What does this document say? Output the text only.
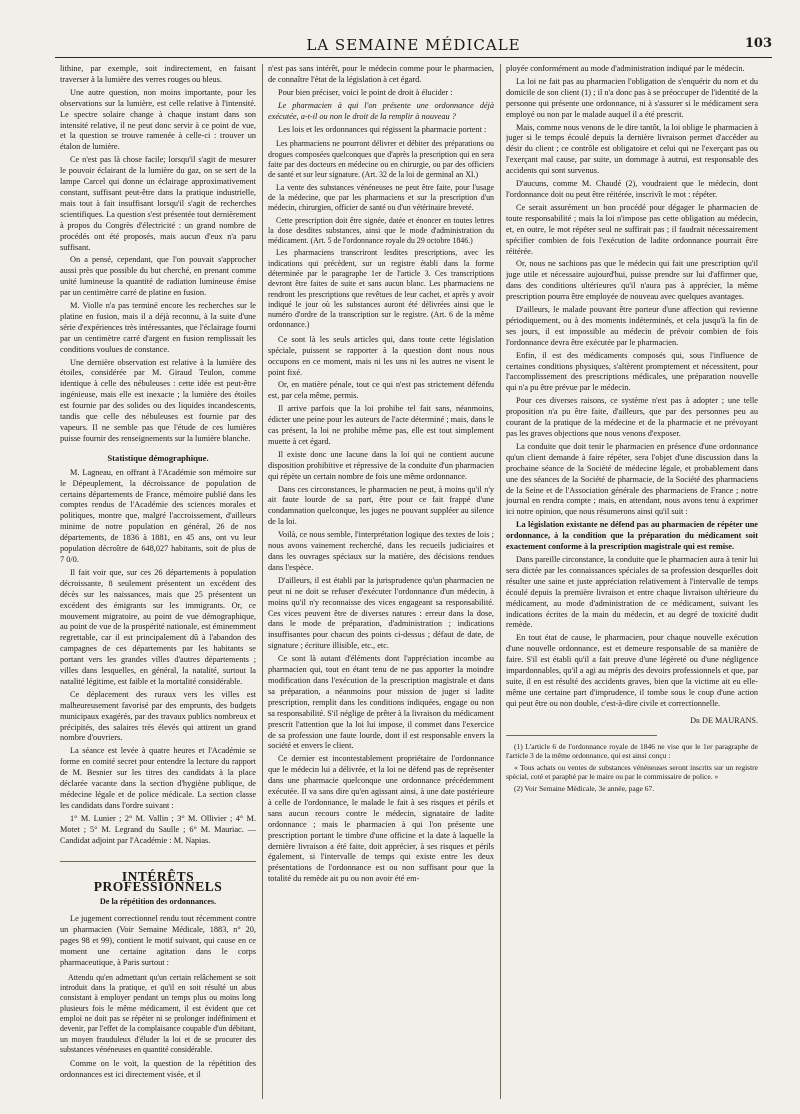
LA SEMAINE MÉDICALE	103

lithine, par exemple, soit indirectement, en faisant traverser à la lumière des verres rouges ou bleus.

Une autre question, non moins importante, pour les observations sur la lumière, est celle relative à l'intensité. Le spectre solaire change à chaque instant dans son intensité relative, il ne peut donc servir à ce point de vue, et la question se trouve ramenée à celle-ci : trouver un étalon de lumière.

Ce n'est pas là chose facile; lorsqu'il s'agit de mesurer le pouvoir éclairant de la lumière du gaz, on se sert de la lampe Carcel qui donne un éclairage approximativement constant, suffisant peut-être dans la pratique industrielle, mais tout à fait insuffisant lorsqu'il s'agit de recherches scientifiques. La question s'est présentée tout dernièrement à propos du Congrès d'électricité : un grand nombre de procédés ont été proposés, mais aucun d'eux n'a paru suffisant.

On a pensé, cependant, que l'on pouvait s'approcher aussi près que possible du but cherché, en prenant comme unité lumineuse la quantité de radiation lumineuse émise par un centimètre carré de platine en fusion.

M. Violle n'a pas terminé encore les recherches sur le platine en fusion, mais il a déjà reconnu, à la suite d'une série d'expériences très intéressantes, que l'éclairage fourni par un centimètre carré d'argent en fusion remplissait les conditions voulues de constance.

Une dernière observation est relative à la lumière des étoiles, considérée par M. Giraud Teulon, comme identique à celle des nébuleuses : cette idée est peut-être ingénieuse, mais elle est inexacte ; la lumière des étoiles est fournie par des solides ou des liquides incandescents, tandis que celle des nébuleuses est fournie par des vapeurs. Il ne semble pas que l'étude de ces lumières puisse fournir des renseignements sur la lumière blanche.

Statistique démographique.

M. Lagneau, en offrant à l'Académie son mémoire sur le Dépeuplement, la décroissance de population de certains départements de France, mémoire publié dans les comptes rendus de l'Académie des sciences morales et politiques, montre que, malgré l'accroissement, d'ailleurs minime de notre population en général, 26 de nos départements, de 1836 à 1881, en 45 ans, ont vu leur population décroître de 648,027 habitants, soit de plus de 7 0/0.

Il fait voir que, sur ces 26 départements à population décroissante, 8 seulement présentent un excédent des décès sur les naissances, mais que 25 présentent un excédent des émigrants sur les immigrants. Or, ce mouvement migratoire, au point de vue démographique, au point de vue de la prospérité nationale, est éminemment regrettable, car il est principalement dû à l'abandon des campagnes de ces départements par les habitants se portant vers les grandes villes d'autres départements ; villes dans lesquelles, en général, la natalité, surtout la natalité légitime, est faible et la mortalité considérable.

Ce déplacement des ruraux vers les villes est malheureusement favorisé par des emprunts, des budgets municipaux exagérés, par des travaux publics nombreux et précipités, des salaires très élevés qui attirent un grand nombre d'ouvriers.

La séance est levée à quatre heures et l'Académie se forme en comité secret pour entendre la lecture du rapport de M. Besnier sur les titres des candidats à la place déclarée vacante dans la section d'hygiène publique, de médecine légale et de police médicale. La section classe les candidats dans l'ordre suivant :

1° M. Lunier ; 2° M. Vallin ; 3° M. Ollivier ; 4° M. Motet ; 5° M. Legrand du Saulle ; 6° M. Mauriac. — Candidat adjoint par l'Académie : M. Napias.

INTÉRÊTS PROFESSIONNELS
De la répétition des ordonnances.

Le jugement correctionnel rendu tout récemment contre un pharmacien (Voir Semaine Médicale, 1883, n° 20, pages 98 et 99), contient le motif suivant, qui cause en ce moment une certaine agitation dans le corps pharmaceutique, à Paris surtout :

Attendu qu'en admettant qu'un certain relâchement se soit introduit dans la pratique, et qu'il en soit résulté un abus consistant à employer pendant un temps plus ou moins long plusieurs fois le même médicament, il est évident que cet emploi ne doit pas se répéter ni se prolonger indéfiniment et devenir, par l'effet de la complaisance coupable d'un débitant, un moyen frauduleux d'éluder la loi et de se procurer des substances vénéneuses en quantité considérable.

Comme on le voit, la question de la répétition des ordonnances est ici directement visée, et il

n'est pas sans intérêt, pour le médecin comme pour le pharmacien, de connaître l'état de la législation à cet égard.

Pour bien préciser, voici le point de droit à élucider :

Le pharmacien à qui l'on présente une ordonnance déjà exécutée, a-t-il ou non le droit de la remplir à nouveau ?

Les lois et les ordonnances qui régissent la pharmacie portent :

Les pharmaciens ne pourront délivrer et débiter des préparations ou drogues composées quelconques que d'après la prescription qui en sera faite par des docteurs en médecine ou en chirurgie, ou par des officiers de santé et sur leur signature. (Art. 32 de la loi de germinal an XI.)

La vente des substances vénéneuses ne peut être faite, pour l'usage de la médecine, que par les pharmaciens et sur la prescription d'un médecin, chirurgien, officier de santé ou d'un vétérinaire breveté.

Cette prescription doit être signée, datée et énoncer en toutes lettres la dose desdites substances, ainsi que le mode d'administration du médicament. (Art. 5 de l'ordonnance royale du 29 octobre 1846.)

Les pharmaciens transcriront lesdites prescriptions, avec les indications qui précèdent, sur un registre établi dans la forme déterminée par le paragraphe 1er de l'article 3. Ces transcriptions devront être faites de suite et sans aucun blanc. Les pharmaciens ne rendront les prescriptions que revêtues de leur cachet, et après y avoir indiqué le jour où les substances auront été délivrées ainsi que le numéro d'ordre de la transcription sur le registre. (Art. 6 de la même ordonnance.)

Ce sont là les seuls articles qui, dans toute cette législation spéciale, puissent se rapporter à la question dont nous nous occupons en ce moment, mais ni les uns ni les autres ne visent le point fixé.

Or, en matière pénale, tout ce qui n'est pas strictement défendu est, par cela même, permis.

Il arrive parfois que la loi prohibe tel fait sans, néanmoins, édicter une peine pour les auteurs de l'acte déterminé ; mais, dans le cas présent, la loi ne prohibe même pas, elle est tout simplement muette à cet égard.

Il existe donc une lacune dans la loi qui ne contient aucune disposition prohibitive et répressive de la conduite d'un pharmacien qui répète un certain nombre de fois une même ordonnance.

Dans ces circonstances, le pharmacien ne peut, à moins qu'il n'y ait faute lourde de sa part, être pour ce fait frappé d'une condamnation quelconque, les juges ne pouvant suppléer au silence de la loi.

Voilà, ce nous semble, l'interprétation logique des textes de lois ; nous avons vainement recherché, dans les recueils judiciaires et dans les ouvrages spéciaux sur la matière, des décisions rendues dans l'espèce.

D'ailleurs, il est établi par la jurisprudence qu'un pharmacien ne peut ni ne doit se refuser d'exécuter l'ordonnance d'un médecin, à moins qu'il n'y reconnaisse des vices engageant sa responsabilité. Ces vices peuvent être de diverses natures : erreur dans la dose, dans le mode de préparation, d'administration ; indications insuffisantes pour chacun des points ci-dessus ; défaut de date, de signature ; écriture illisible, etc., etc.

Ce sont là autant d'éléments dont l'appréciation incombe au pharmacien qui, tout en étant tenu de ne pas apporter la moindre modification dans l'exécution de la prescription magistrale et dans sa préparation, a néanmoins pour mission de juger si ladite prescription, remplit dans les conditions indiquées, engage ou non sa responsabilité. S'il néglige de prêter à la livraison du médicament prescrit l'attention que la loi lui impose, il commet dans l'exercice de sa profession une faute lourde, dont il est responsable envers la société et envers le client.

Ce dernier est incontestablement propriétaire de l'ordonnance que le médecin lui a délivrée, et la loi ne défend pas de représenter dans une pharmacie quelconque une ordonnance précédemment exécutée. Il va sans dire qu'en agissant ainsi, à une date postérieure à celle de l'ordonnance, le malade le fait à ses risques et périls et sans aucun recours contre le médecin, signataire de ladite ordonnance ; mais le pharmacien à qui l'on présente une prescription portant le timbre d'une officine et la date à laquelle la dernière livraison a été faite, doit apprécier, à ses risques et périls également, si l'intervalle de temps qui existe entre les deux présentations de l'ordonnance est ou non suffisant pour que la totalité du remède ait pu ou non avoir été em-

ployée conformément au mode d'administration indiqué par le médecin.

La loi ne fait pas au pharmacien l'obligation de s'enquérir du nom et du domicile de son client (1) ; il n'a donc pas à se préoccuper de l'identité de la personne qui présente une ordonnance, ni à s'assurer si le médicament sera employé ou non par le malade auquel il a été prescrit.

Mais, comme nous venons de le dire tantôt, la loi oblige le pharmacien à juger si le temps écoulé depuis la dernière livraison permet d'accéder au désir du client ; ce contrôle est obligatoire et celui qui ne l'exerçant pas ou l'exerçant mal cause, par suite, un dommage à autrui, est responsable des accidents qui sont survenus.

D'aucuns, comme M. Chaudé (2), voudraient que le médecin, dont l'ordonnance doit ou peut être réitérée, inscrivît le mot : répéter.

Ce serait assurément un bon procédé pour dégager le pharmacien de toute responsabilité ; mais la loi n'impose pas cette obligation au médecin, et, en outre, le mot répéter seul ne suffirait pas ; il faudrait nécessairement spécifier combien de fois l'exécution de ladite ordonnance pourrait être réitérée.

Or, nous ne sachions pas que le médecin qui fait une prescription qu'il juge utile et nécessaire aujourd'hui, puisse prendre sur lui d'affirmer que, dans des conditions ultérieures qu'il n'aura pas à apprécier, la même prescription pourra être employée de nouveau avec quelques avantages.

D'ailleurs, le malade pouvant être porteur d'une affection qui revienne périodiquement, ou à des moments indéterminés, et cela jusqu'à la fin de ses jours, il est impossible au médecin de prévoir combien de fois l'ordonnance devra être exécutée par le pharmacien.

Enfin, il est des médicaments composés qui, sous l'influence de certaines conditions physiques, s'altèrent promptement et nécessitent, pour l'accomplissement des prescriptions médicales, une préparation nouvelle qui n'a pu être prévue par le médecin.

Pour ces diverses raisons, ce système n'est pas à adopter ; une telle proposition n'a pu être faite, d'ailleurs, que par des personnes peu au courant de la pratique de la médecine et de la pharmacie et ne prévoyant pas les graves objections que nous venons d'exposer.

La conduite que doit tenir le pharmacien en présence d'une ordonnance qu'un client demande à faire répéter, sera l'objet d'une discussion dans la prochaine séance de la Société de médecine légale, et probablement dans une des séances de la Société de pharmacie, de la Société des pharmaciens de la Seine et de l'Association générale des pharmaciens de France ; notre journal en rendra compte ; mais, en attendant, nous avons tenu à exprimer ici notre opinion, que nous résumerons ainsi qu'il suit :

La législation existante ne défend pas au pharmacien de répéter une ordonnance, à la condition que la préparation du médicament soit exactement conforme à la prescription magistrale qui est remise.

Dans pareille circonstance, la conduite que le pharmacien aura à tenir lui sera dictée par les connaissances spéciales de sa profession desquelles doit résulter une saine et juste appréciation relativement à l'intervalle de temps écoulé depuis la première livraison et entre chaque livraison ultérieure du médicament, au mode d'administration de ce médicament, suivant les indications écrites de la main du médecin, et au degré de toxicité dudit remède.

En tout état de cause, le pharmacien, pour chaque nouvelle exécution d'une nouvelle ordonnance, est et demeure responsable de sa manière de faire. S'il est établi qu'il a fait preuve d'une légèreté ou d'une négligence impardonnables, qu'il a agi au mépris des devoirs professionnels et que, par suite, il en est résulté des accidents graves, bien que la victime ait eu elle-même une certaine part d'imprudence, il tombe sous le coup d'une action qui peut être ou non double, c'est-à-dire civile et correctionnelle.

Dr DE MAURANS.

(1) L'article 6 de l'ordonnance royale de 1846 ne vise que le 1er paragraphe de l'article 3 de la même ordonnance, qui est ainsi conçu :

« Tous achats ou ventes de substances vénéneuses seront inscrits sur un registre spécial, coté et paraphé par le maire ou par le commissaire de police. »

(2) Voir Semaine Médicale, 3e année, page 67.
